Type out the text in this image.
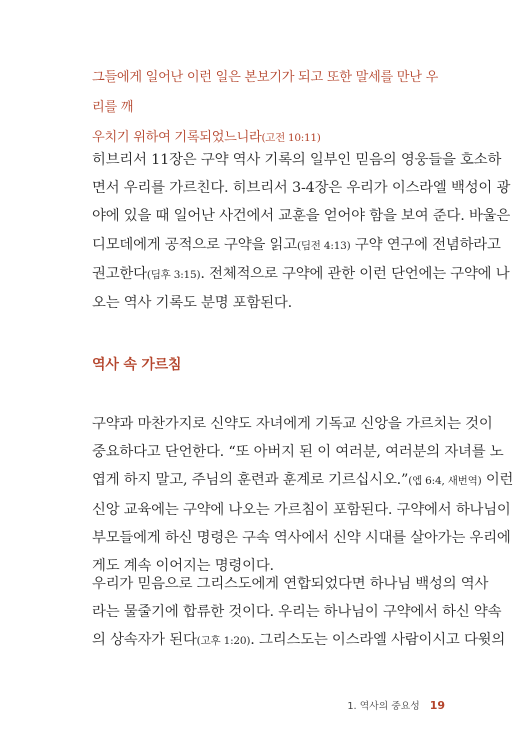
그들에게 일어난 이런 일은 본보기가 되고 또한 말세를 만난 우리를 깨
우치기 위하여 기록되었느니라(고전 10:11)
히브리서 11장은 구약 역사 기록의 일부인 믿음의 영웅들을 호소하
면서 우리를 가르친다. 히브리서 3-4장은 우리가 이스라엘 백성이 광
야에 있을 때 일어난 사건에서 교훈을 얻어야 함을 보여 준다. 바울은
디모데에게 공적으로 구약을 읽고(딤전 4:13) 구약 연구에 전념하라고
권고한다(딤후 3:15). 전체적으로 구약에 관한 이런 단언에는 구약에 나
오는 역사 기록도 분명 포함된다.
역사 속 가르침
구약과 마찬가지로 신약도 자녀에게 기독교 신앙을 가르치는 것이
중요하다고 단언한다. “또 아버지 된 이 여러분, 여러분의 자녀를 노
엽게 하지 말고, 주님의 훈련과 훈계로 기르십시오.”(엡 6:4, 새번역) 이런
신앙 교육에는 구약에 나오는 가르침이 포함된다. 구약에서 하나님이
부모들에게 하신 명령은 구속 역사에서 신약 시대를 살아가는 우리에
게도 계속 이어지는 명령이다.
우리가 믿음으로 그리스도에게 연합되었다면 하나님 백성의 역사
라는 물줄기에 합류한 것이다. 우리는 하나님이 구약에서 하신 약속
의 상속자가 된다(고후 1:20). 그리스도는 이스라엘 사람이시고 다윗의
1. 역사의 중요성 19
